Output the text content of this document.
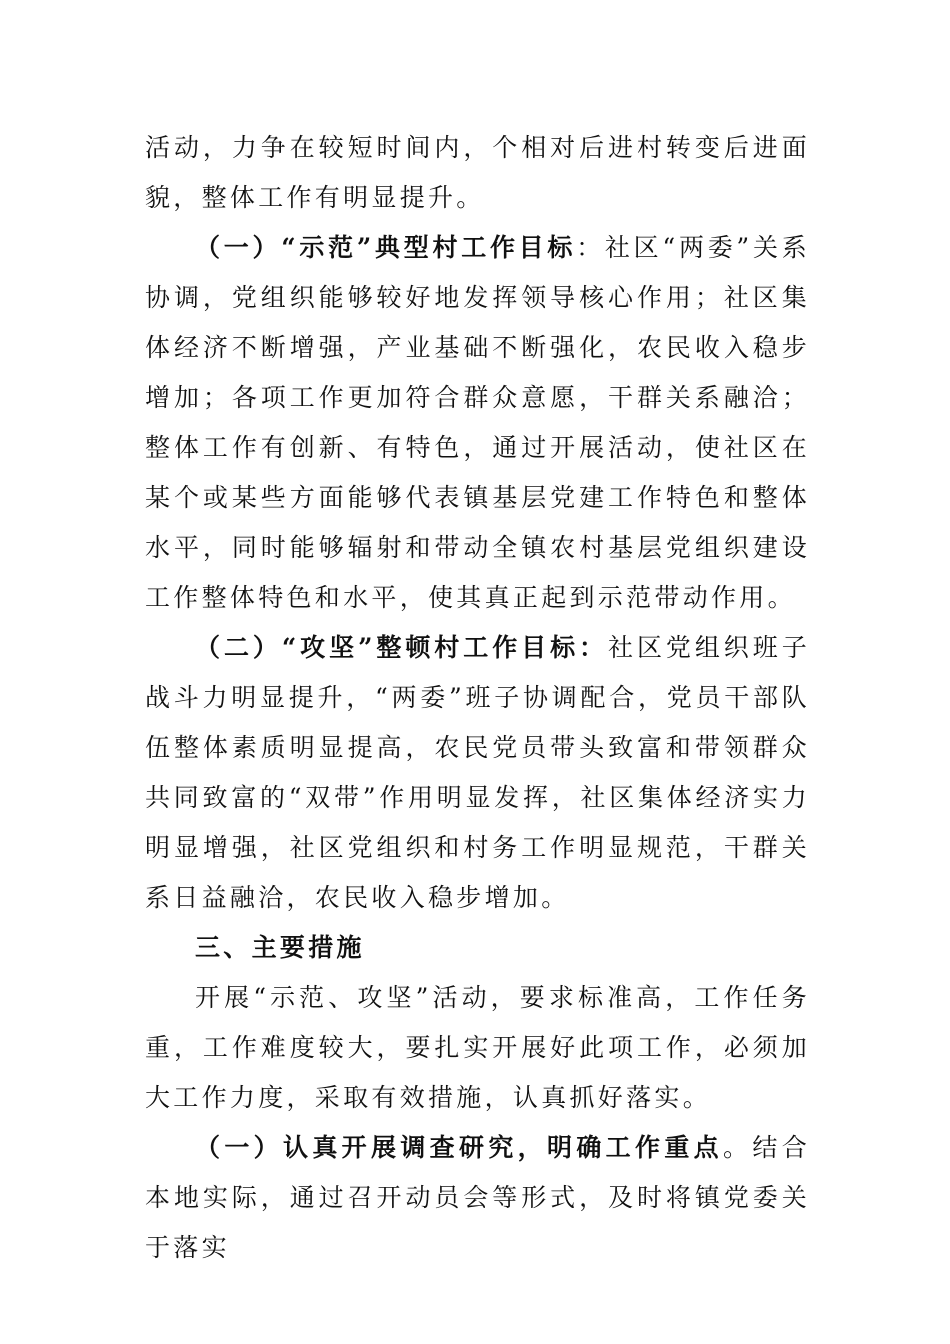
活动，力争在较短时间内，个相对后进村转变后进面貌，整体工作有明显提升。

（一）“示范”典型村工作目标：社区“两委”关系协调，党组织能够较好地发挥领导核心作用；社区集体经济不断增强，产业基础不断强化，农民收入稳步增加；各项工作更加符合群众意愿，干群关系融洽；整体工作有创新、有特色，通过开展活动，使社区在某个或某些方面能够代表镇基层党建工作特色和整体水平，同时能够辐射和带动全镇农村基层党组织建设工作整体特色和水平，使其真正起到示范带动作用。

（二）“攻坚”整顿村工作目标：社区党组织班子战斗力明显提升，“两委”班子协调配合，党员干部队伍整体素质明显提高，农民党员带头致富和带领群众共同致富的“双带”作用明显发挥，社区集体经济实力明显增强，社区党组织和村务工作明显规范，干群关系日益融洽，农民收入稳步增加。

三、主要措施

开展“示范、攻坚”活动，要求标准高，工作任务重，工作难度较大，要扎实开展好此项工作，必须加大工作力度，采取有效措施，认真抓好落实。

（一）认真开展调查研究，明确工作重点。结合本地实际，通过召开动员会等形式，及时将镇党委关于落实
